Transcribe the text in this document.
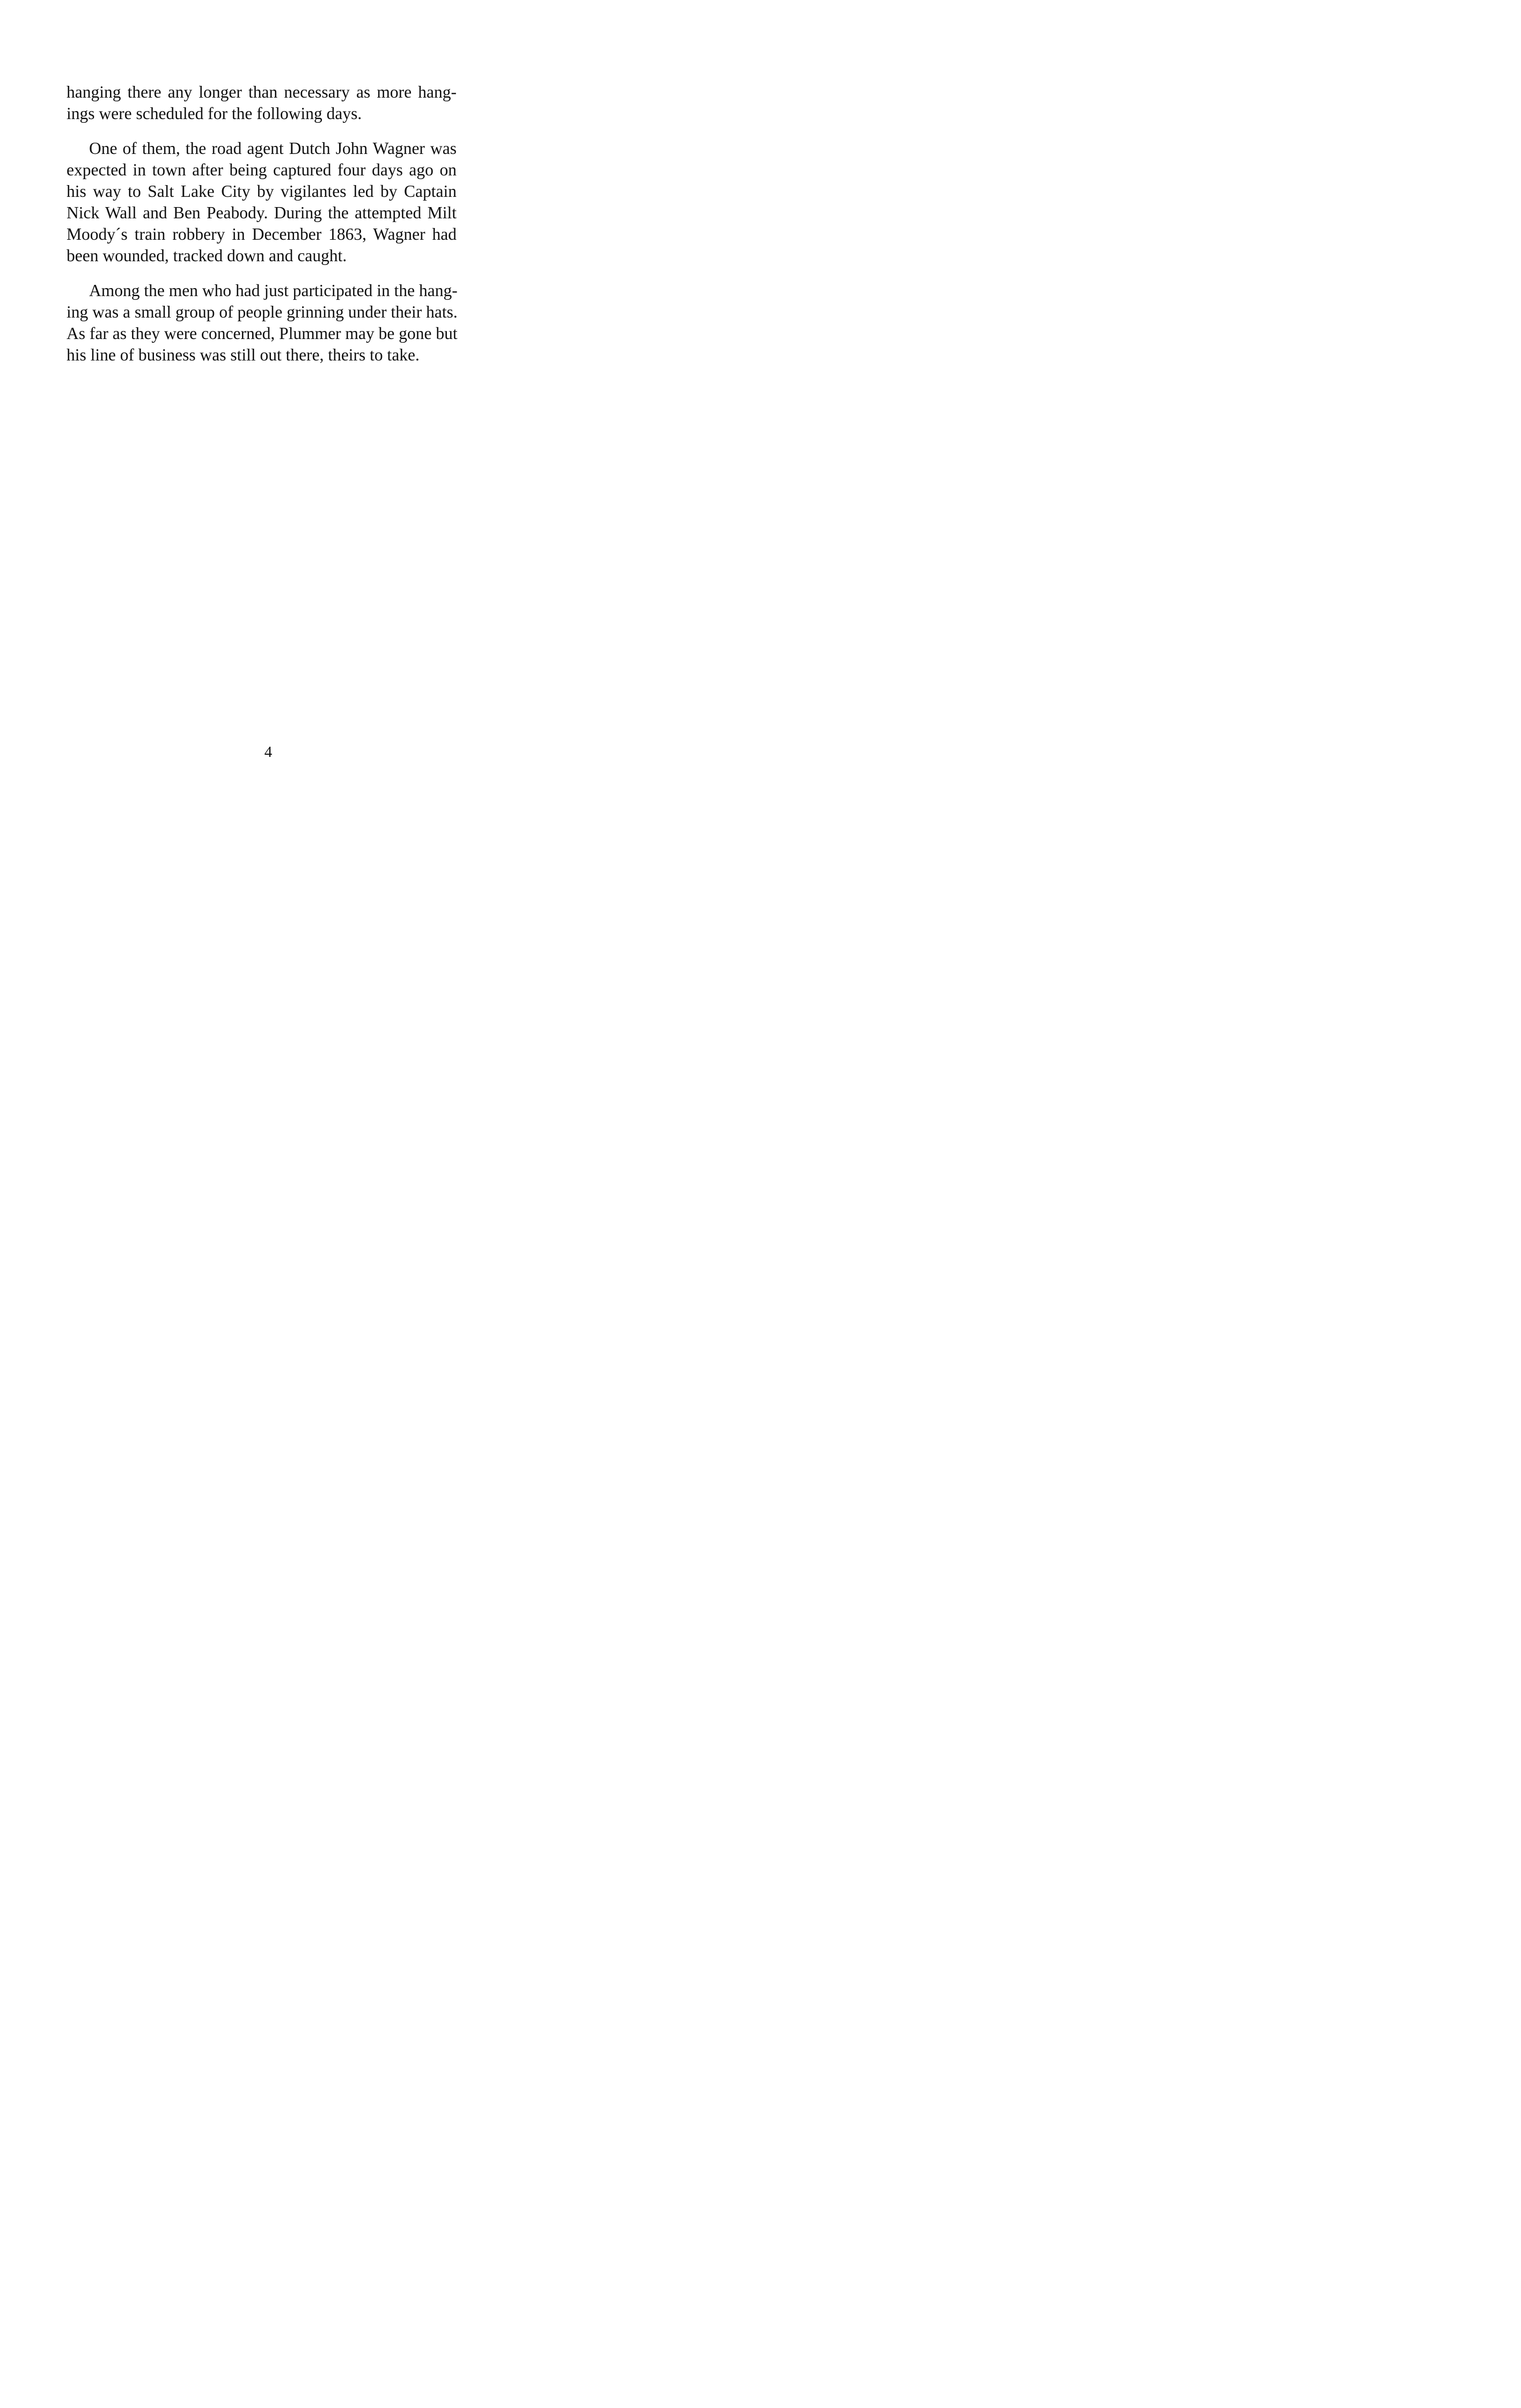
hanging there any longer than necessary as more hang-
ings were scheduled for the following days.

One of them, the road agent Dutch John Wagner was
expected in town after being captured four days ago on
his way to Salt Lake City by vigilantes led by Captain
Nick Wall and Ben Peabody. During the attempted Milt
Moody´s train robbery in December 1863, Wagner had
been wounded, tracked down and caught.

Among the men who had just participated in the hang-
ing was a small group of people grinning under their hats.
As far as they were concerned, Plummer may be gone but
his line of business was still out there, theirs to take.

4
